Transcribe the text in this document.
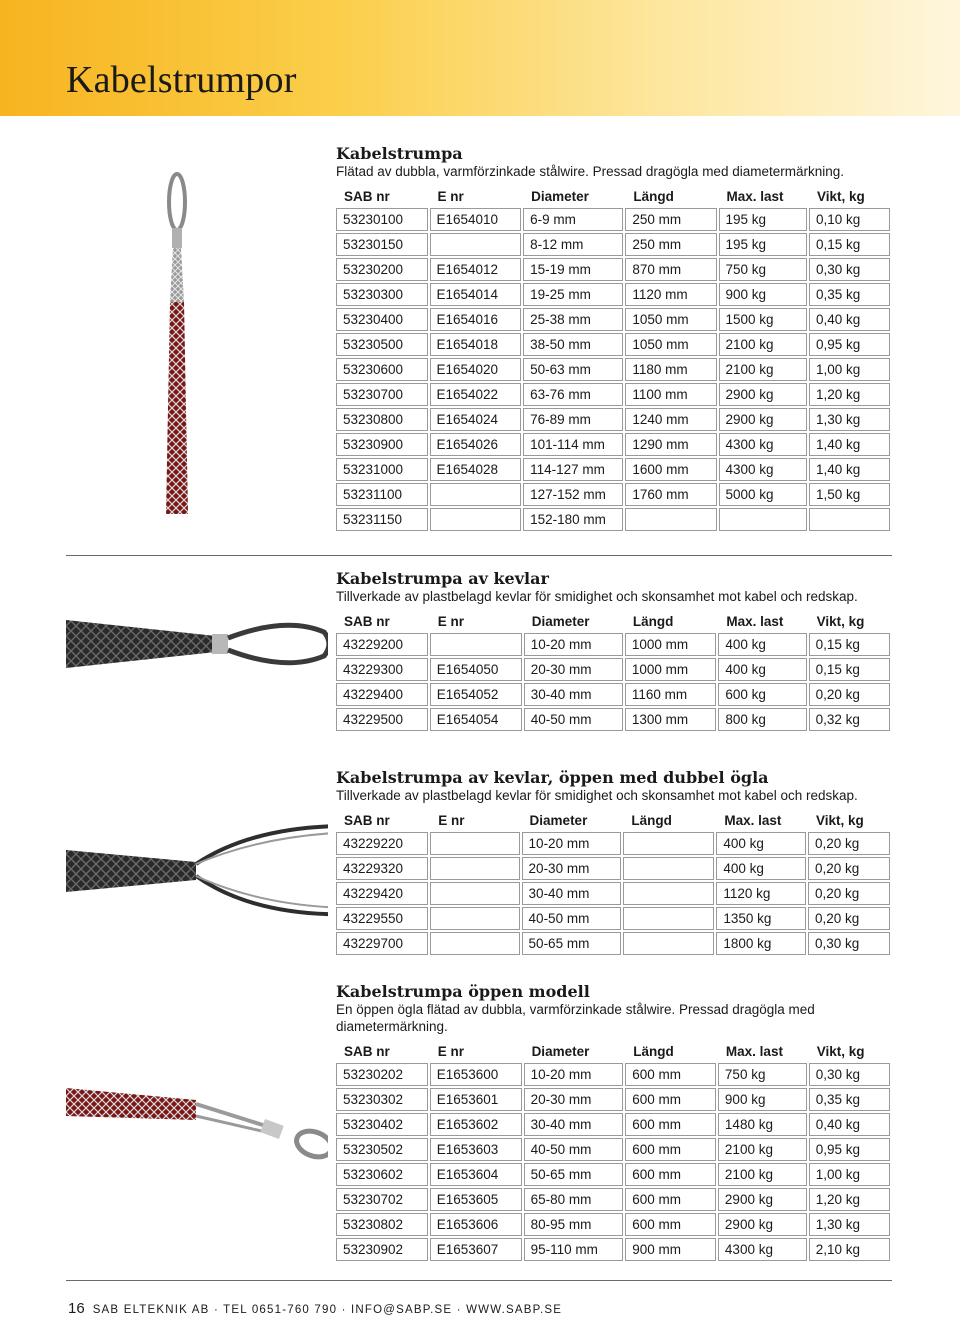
Kabelstrumpor
Kabelstrumpa

Flätad av dubbla, varmförzinkade stålwire. Pressad dragögla med diametermärkning.

SAB nr	E nr	Diameter	Längd	Max. last	Vikt, kg
53230100	E1654010	6-9 mm	250 mm	195 kg	0,10 kg
53230150		8-12 mm	250 mm	195 kg	0,15 kg
53230200	E1654012	15-19 mm	870 mm	750 kg	0,30 kg
53230300	E1654014	19-25 mm	1120 mm	900 kg	0,35 kg
53230400	E1654016	25-38 mm	1050 mm	1500 kg	0,40 kg
53230500	E1654018	38-50 mm	1050 mm	2100 kg	0,95 kg
53230600	E1654020	50-63 mm	1180 mm	2100 kg	1,00 kg
53230700	E1654022	63-76 mm	1100 mm	2900 kg	1,20 kg
53230800	E1654024	76-89 mm	1240 mm	2900 kg	1,30 kg
53230900	E1654026	101-114 mm	1290 mm	4300 kg	1,40 kg
53231000	E1654028	114-127 mm	1600 mm	4300 kg	1,40 kg
53231100		127-152 mm	1760 mm	5000 kg	1,50 kg
53231150		152-180 mm			
Kabelstrumpa av kevlar

Tillverkade av plastbelagd kevlar för smidighet och skonsamhet mot kabel och redskap.

SAB nr	E nr	Diameter	Längd	Max. last	Vikt, kg
43229200		10-20 mm	1000 mm	400 kg	0,15 kg
43229300	E1654050	20-30 mm	1000 mm	400 kg	0,15 kg
43229400	E1654052	30-40 mm	1160 mm	600 kg	0,20 kg
43229500	E1654054	40-50 mm	1300 mm	800 kg	0,32 kg
Kabelstrumpa av kevlar, öppen med dubbel ögla

Tillverkade av plastbelagd kevlar för smidighet och skonsamhet mot kabel och redskap.

SAB nr	E nr	Diameter	Längd	Max. last	Vikt, kg
43229220		10-20 mm		400 kg	0,20 kg
43229320		20-30 mm		400 kg	0,20 kg
43229420		30-40 mm		1120 kg	0,20 kg
43229550		40-50 mm		1350 kg	0,20 kg
43229700		50-65 mm		1800 kg	0,30 kg
Kabelstrumpa öppen modell

En öppen ögla flätad av dubbla, varmförzinkade stålwire. Pressad dragögla med diametermärkning.

SAB nr	E nr	Diameter	Längd	Max. last	Vikt, kg
53230202	E1653600	10-20 mm	600 mm	750 kg	0,30 kg
53230302	E1653601	20-30 mm	600 mm	900 kg	0,35 kg
53230402	E1653602	30-40 mm	600 mm	1480 kg	0,40 kg
53230502	E1653603	40-50 mm	600 mm	2100 kg	0,95 kg
53230602	E1653604	50-65 mm	600 mm	2100 kg	1,00 kg
53230702	E1653605	65-80 mm	600 mm	2900 kg	1,20 kg
53230802	E1653606	80-95 mm	600 mm	2900 kg	1,30 kg
53230902	E1653607	95-110 mm	900 mm	4300 kg	2,10 kg
16 SAB ELTEKNIK AB · TEL 0651-760 790 · INFO@SABP.SE · WWW.SABP.SE
